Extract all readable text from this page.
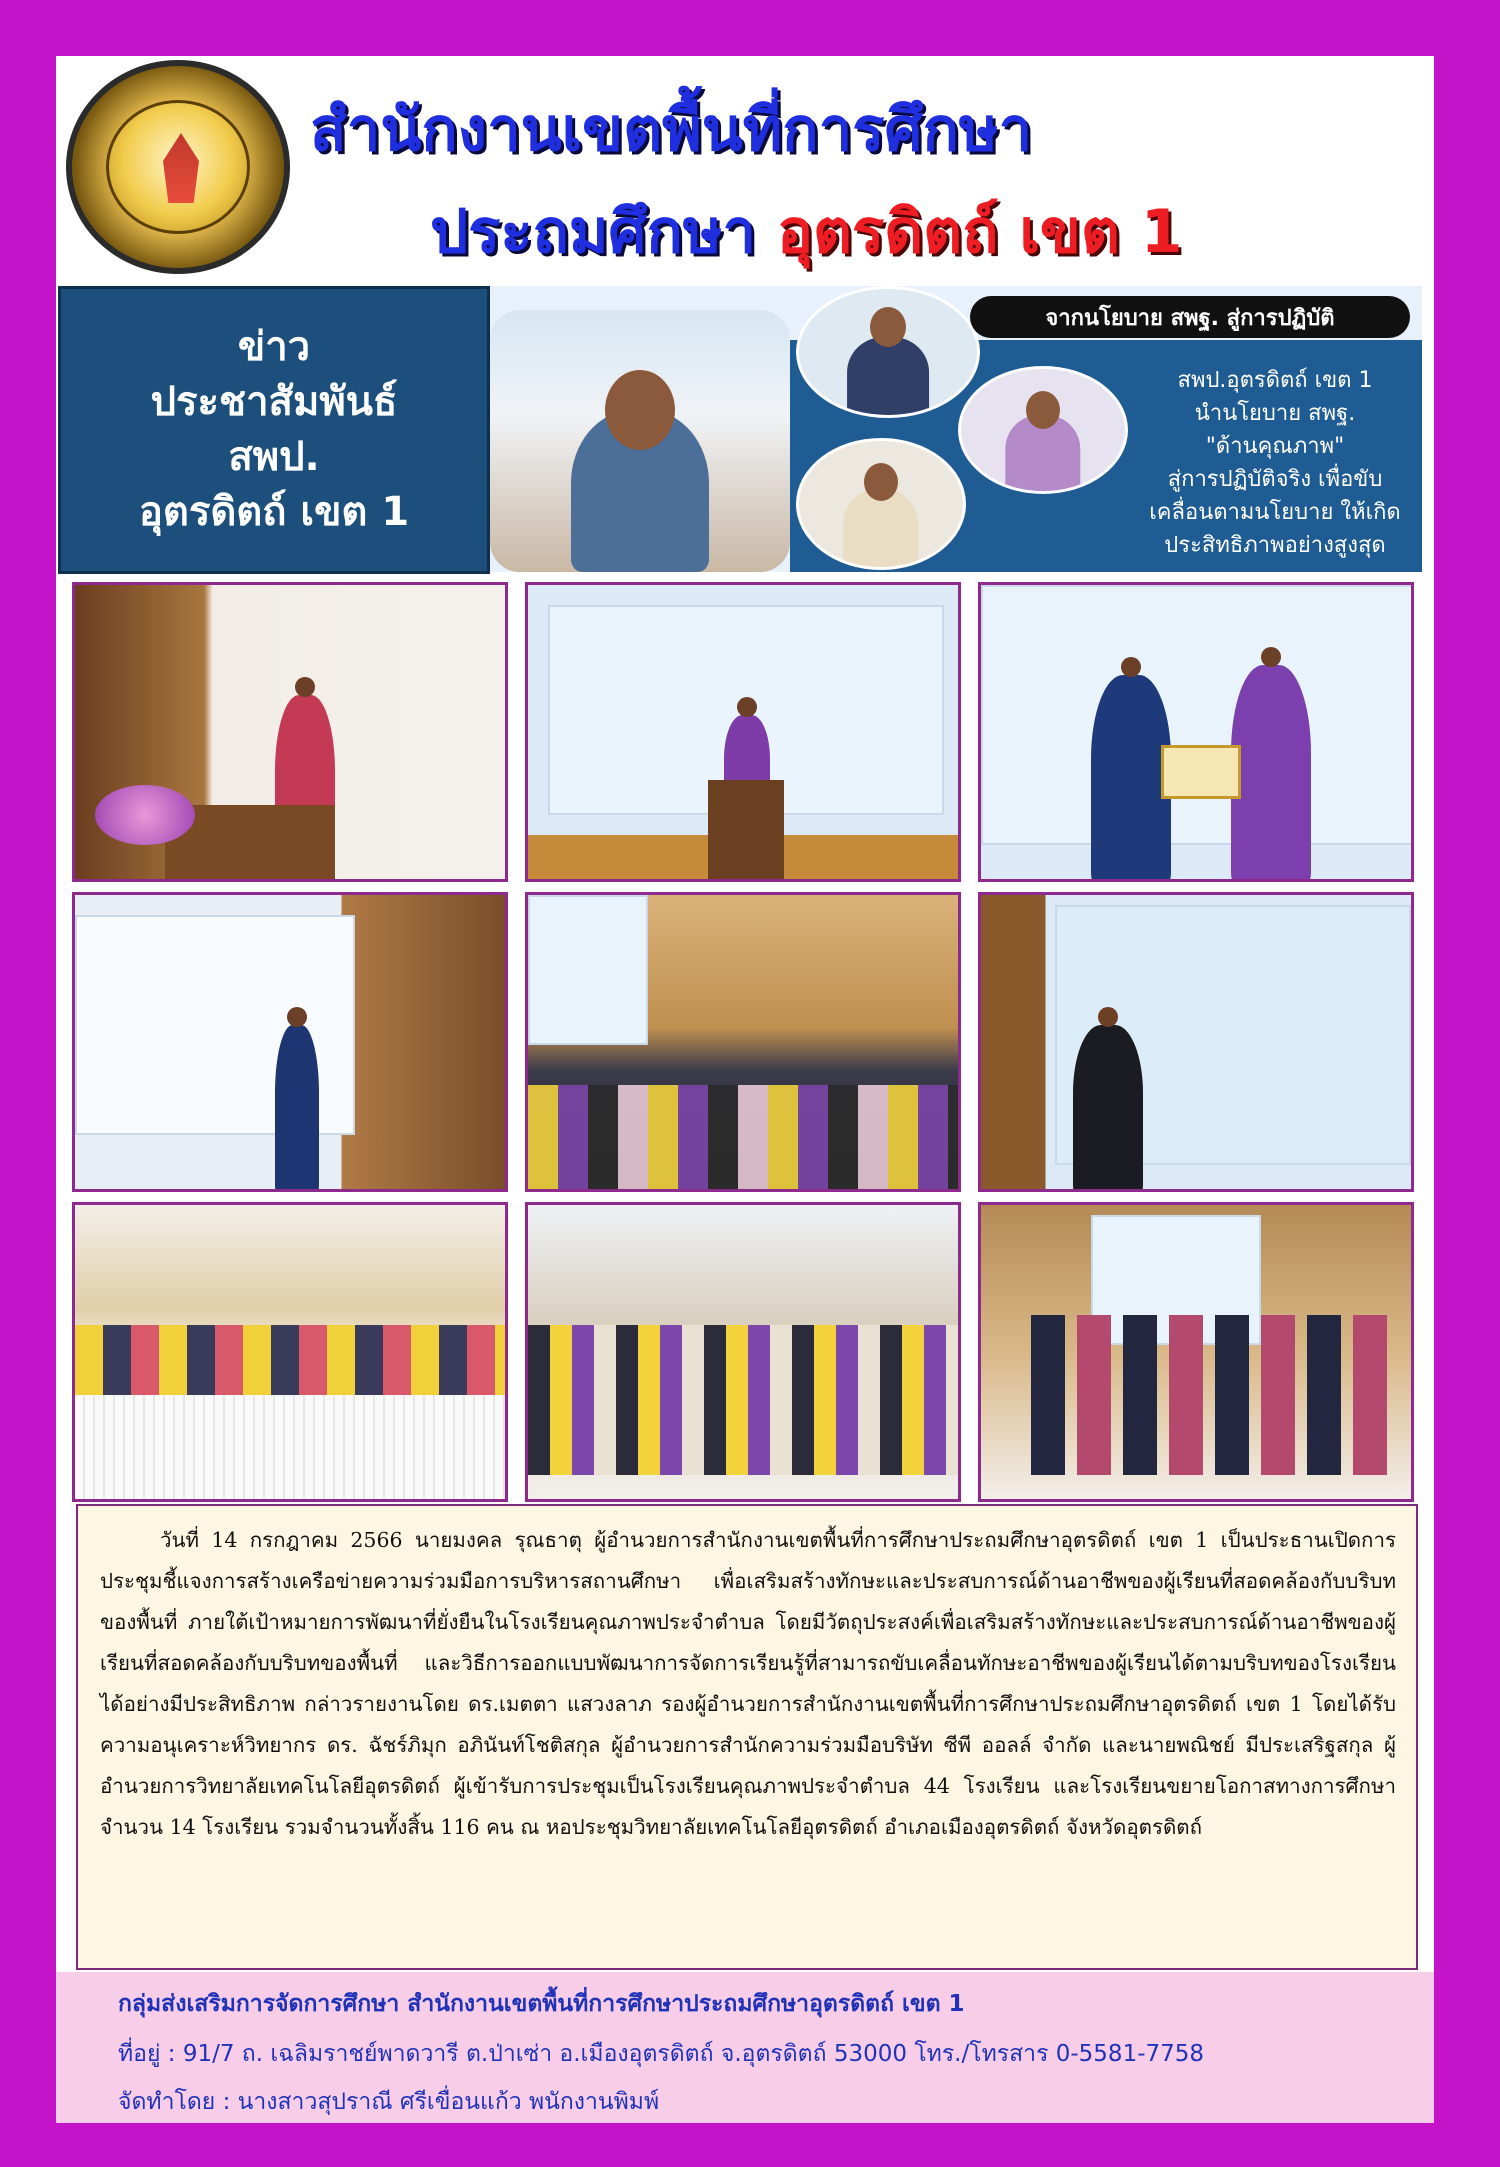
สำนักงานเขตพื้นที่การศึกษา
ประถมศึกษา อุตรดิตถ์ เขต 1
ข่าว
ประชาสัมพันธ์
สพป.
อุตรดิตถ์ เขต 1
จากนโยบาย สพฐ. สู่การปฏิบัติ
สพป.อุตรดิตถ์ เขต 1
นำนโยบาย สพฐ.
"ด้านคุณภาพ"
สู่การปฏิบัติจริง เพื่อขับ
เคลื่อนตามนโยบาย ให้เกิด
ประสิทธิภาพอย่างสูงสุด
วันที่ 14 กรกฎาคม 2566 นายมงคล รุณธาตุ ผู้อำนวยการสำนักงานเขตพื้นที่การศึกษาประถมศึกษาอุตรดิตถ์ เขต 1 เป็นประธานเปิดการประชุมชี้แจงการสร้างเครือข่ายความร่วมมือการบริหารสถานศึกษา เพื่อเสริมสร้างทักษะและประสบการณ์ด้านอาชีพของผู้เรียนที่สอดคล้องกับบริบทของพื้นที่ ภายใต้เป้าหมายการพัฒนาที่ยั่งยืนในโรงเรียนคุณภาพประจำตำบล โดยมีวัตถุประสงค์เพื่อเสริมสร้างทักษะและประสบการณ์ด้านอาชีพของผู้เรียนที่สอดคล้องกับบริบทของพื้นที่ และวิธีการออกแบบพัฒนาการจัดการเรียนรู้ที่สามารถขับเคลื่อนทักษะอาชีพของผู้เรียนได้ตามบริบทของโรงเรียนได้อย่างมีประสิทธิภาพ กล่าวรายงานโดย ดร.เมตตา แสวงลาภ รองผู้อำนวยการสำนักงานเขตพื้นที่การศึกษาประถมศึกษาอุตรดิตถ์ เขต 1 โดยได้รับความอนุเคราะห์วิทยากร ดร. ฉัชร์ภิมุก อภินันท์โชติสกุล ผู้อำนวยการสำนักความร่วมมือบริษัท ซีพี ออลล์ จำกัด และนายพณิชย์ มีประเสริฐสกุล ผู้อำนวยการวิทยาลัยเทคโนโลยีอุตรดิตถ์ ผู้เข้ารับการประชุมเป็นโรงเรียนคุณภาพประจำตำบล 44 โรงเรียน และโรงเรียนขยายโอกาสทางการศึกษา จำนวน 14 โรงเรียน รวมจำนวนทั้งสิ้น 116 คน ณ หอประชุมวิทยาลัยเทคโนโลยีอุตรดิตถ์ อำเภอเมืองอุตรดิตถ์ จังหวัดอุตรดิตถ์
กลุ่มส่งเสริมการจัดการศึกษา สำนักงานเขตพื้นที่การศึกษาประถมศึกษาอุตรดิตถ์ เขต 1
ที่อยู่ : 91/7 ถ. เฉลิมราชย์พาดวารี ต.ป่าเซ่า อ.เมืองอุตรดิตถ์ จ.อุตรดิตถ์ 53000 โทร./โทรสาร 0-5581-7758
จัดทำโดย : นางสาวสุปราณี ศรีเขื่อนแก้ว พนักงานพิมพ์
